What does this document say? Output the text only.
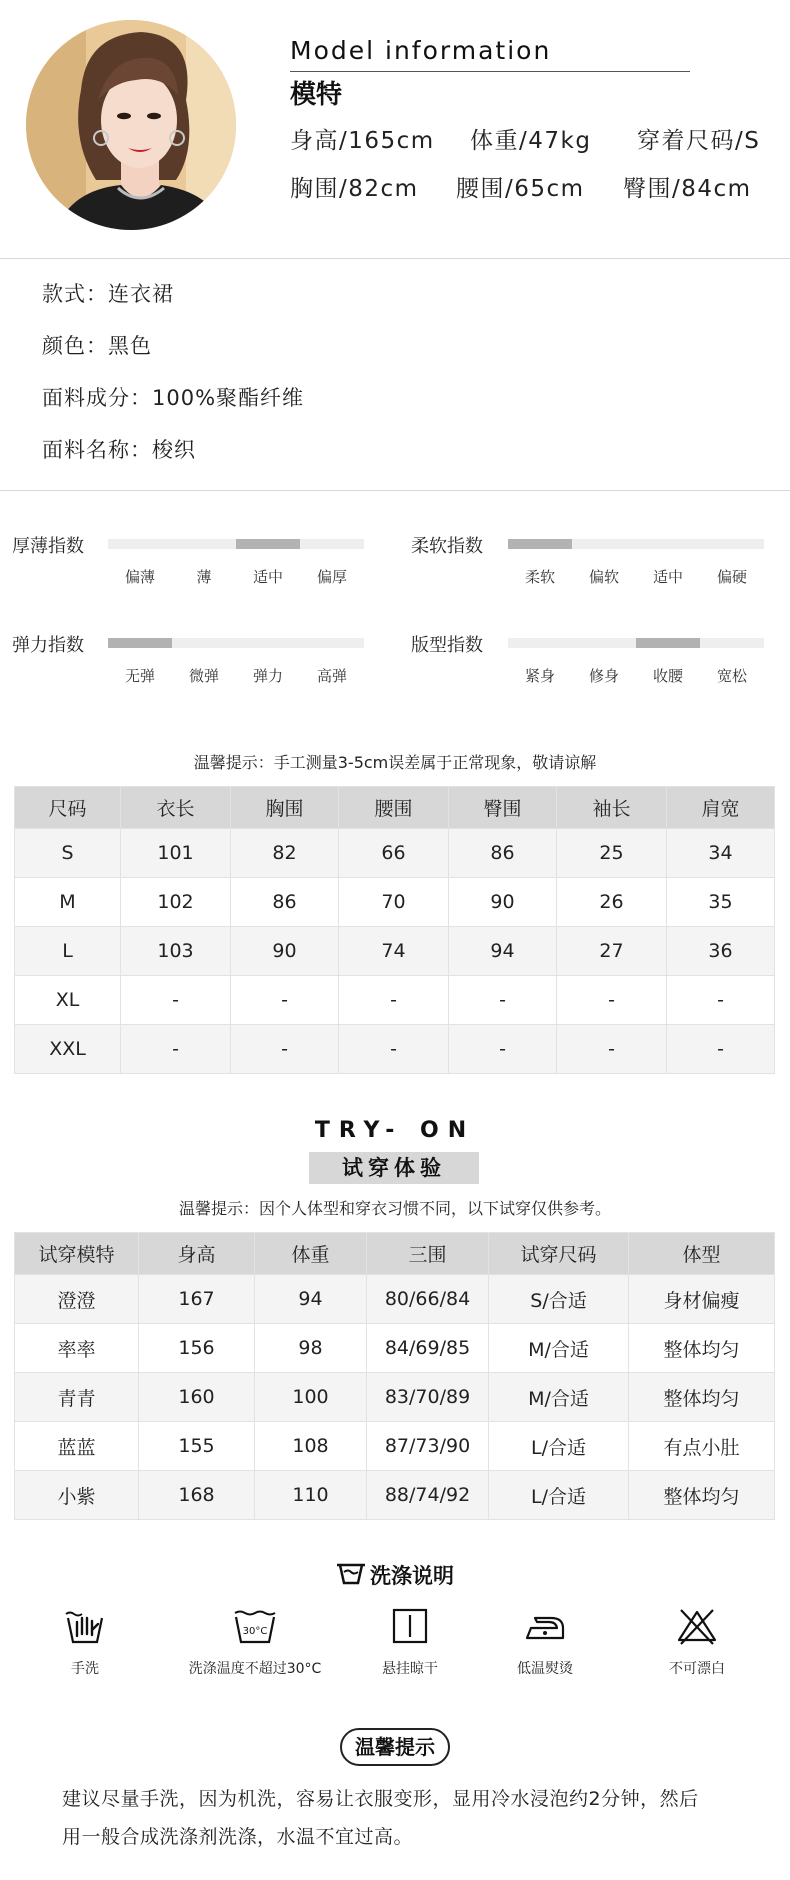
Model information
模特
身高/165cm 体重/47kg 穿着尺码/S
胸围/82cm 腰围/65cm 臀围/84cm
款式：连衣裙
颜色：黑色
面料成分：100%聚酯纤维
面料名称：梭织
厚薄指数
偏薄	薄	适中	偏厚
柔软指数
柔软	偏软	适中	偏硬
弹力指数
无弹	微弹	弹力	高弹
版型指数
紧身	修身	收腰	宽松
温馨提示：手工测量3-5cm误差属于正常现象，敬请谅解
尺码	衣长	胸围	腰围	臀围	袖长	肩宽
S	101	82	66	86	25	34
M	102	86	70	90	26	35
L	103	90	74	94	27	36
XL	-	-	-	-	-	-
XXL	-	-	-	-	-	-
TRY- ON
试穿体验
温馨提示：因个人体型和穿衣习惯不同，以下试穿仅供参考。
试穿模特	身高	体重	三围	试穿尺码	体型
澄澄	167	94	80/66/84	S/合适	身材偏瘦
率率	156	98	84/69/85	M/合适	整体均匀
青青	160	100	83/70/89	M/合适	整体均匀
蓝蓝	155	108	87/73/90	L/合适	有点小肚
小紫	168	110	88/74/92	L/合适	整体均匀
洗涤说明
手洗
30°C
洗涤温度不超过30°C	悬挂晾干	低温熨烫	不可漂白
温馨提示
建议尽量手洗，因为机洗，容易让衣服变形，显用冷水浸泡约2分钟，然后
用一般合成洗涤剂洗涤，水温不宜过高。
